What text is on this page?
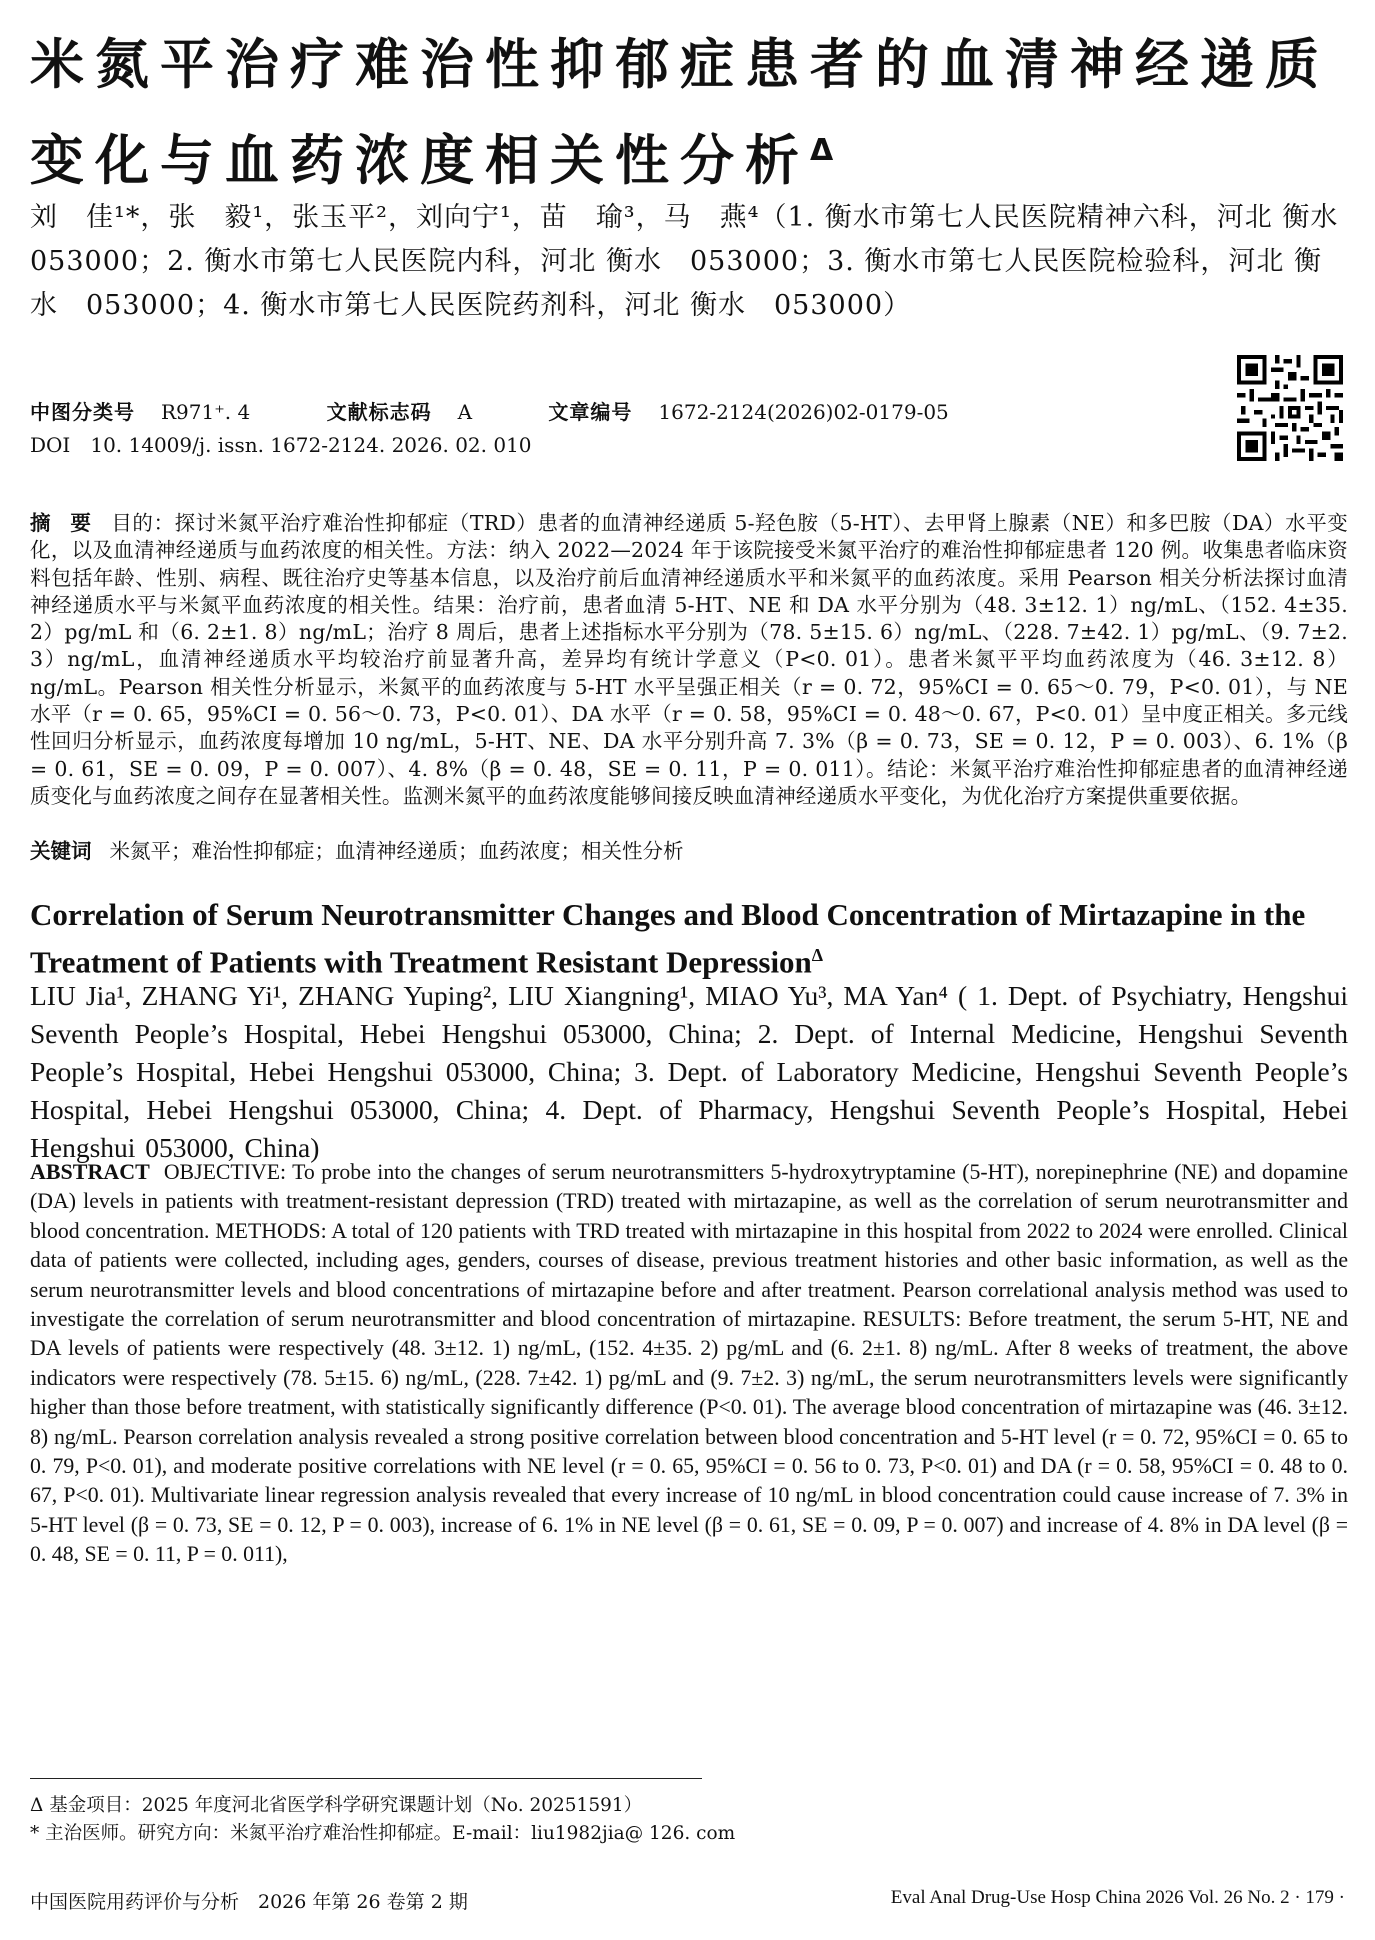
米氮平治疗难治性抑郁症患者的血清神经递质变化与血药浓度相关性分析$^\Delta$

刘　佳¹*，张　毅¹，张玉平²，刘向宁¹，苗　瑜³，马　燕⁴（1. 衡水市第七人民医院精神六科，河北 衡水　053000；2. 衡水市第七人民医院内科，河北 衡水　053000；3. 衡水市第七人民医院检验科，河北 衡水　053000；4. 衡水市第七人民医院药剂科，河北 衡水　053000）

中图分类号 R971⁺. 4	文献标志码 A	文章编号 1672-2124(2026)02-0179-05
DOI 10. 14009/j. issn. 1672-2124. 2026. 02. 010

摘 要 目的：探讨米氮平治疗难治性抑郁症（TRD）患者的血清神经递质 5-羟色胺（5-HT）、去甲肾上腺素（NE）和多巴胺（DA）水平变化，以及血清神经递质与血药浓度的相关性。方法：纳入 2022—2024 年于该院接受米氮平治疗的难治性抑郁症患者 120 例。收集患者临床资料包括年龄、性别、病程、既往治疗史等基本信息，以及治疗前后血清神经递质水平和米氮平的血药浓度。采用 Pearson 相关分析法探讨血清神经递质水平与米氮平血药浓度的相关性。结果：治疗前，患者血清 5-HT、NE 和 DA 水平分别为（48. 3±12. 1）ng/mL、（152. 4±35. 2）pg/mL 和（6. 2±1. 8）ng/mL；治疗 8 周后，患者上述指标水平分别为（78. 5±15. 6）ng/mL、（228. 7±42. 1）pg/mL、（9. 7±2. 3）ng/mL，血清神经递质水平均较治疗前显著升高，差异均有统计学意义（P<0. 01）。患者米氮平平均血药浓度为（46. 3±12. 8）ng/mL。Pearson 相关性分析显示，米氮平的血药浓度与 5-HT 水平呈强正相关（r = 0. 72，95%CI = 0. 65～0. 79，P<0. 01），与 NE 水平（r = 0. 65，95%CI = 0. 56～0. 73，P<0. 01）、DA 水平（r = 0. 58，95%CI = 0. 48～0. 67，P<0. 01）呈中度正相关。多元线性回归分析显示，血药浓度每增加 10 ng/mL，5-HT、NE、DA 水平分别升高 7. 3%（β = 0. 73，SE = 0. 12，P = 0. 003）、6. 1%（β = 0. 61，SE = 0. 09，P = 0. 007）、4. 8%（β = 0. 48，SE = 0. 11，P = 0. 011）。结论：米氮平治疗难治性抑郁症患者的血清神经递质变化与血药浓度之间存在显著相关性。监测米氮平的血药浓度能够间接反映血清神经递质水平变化，为优化治疗方案提供重要依据。

关键词 米氮平；难治性抑郁症；血清神经递质；血药浓度；相关性分析

Correlation of Serum Neurotransmitter Changes and Blood Concentration of Mirtazapine in the Treatment of Patients with Treatment Resistant Depression$^\Delta$

LIU Jia¹, ZHANG Yi¹, ZHANG Yuping², LIU Xiangning¹, MIAO Yu³, MA Yan⁴ ( 1. Dept. of Psychiatry, Hengshui Seventh People’s Hospital, Hebei Hengshui 053000, China; 2. Dept. of Internal Medicine, Hengshui Seventh People’s Hospital, Hebei Hengshui 053000, China; 3. Dept. of Laboratory Medicine, Hengshui Seventh People’s Hospital, Hebei Hengshui 053000, China; 4. Dept. of Pharmacy, Hengshui Seventh People’s Hospital, Hebei Hengshui 053000, China)

ABSTRACT OBJECTIVE: To probe into the changes of serum neurotransmitters 5-hydroxytryptamine (5-HT), norepinephrine (NE) and dopamine (DA) levels in patients with treatment-resistant depression (TRD) treated with mirtazapine, as well as the correlation of serum neurotransmitter and blood concentration. METHODS: A total of 120 patients with TRD treated with mirtazapine in this hospital from 2022 to 2024 were enrolled. Clinical data of patients were collected, including ages, genders, courses of disease, previous treatment histories and other basic information, as well as the serum neurotransmitter levels and blood concentrations of mirtazapine before and after treatment. Pearson correlational analysis method was used to investigate the correlation of serum neurotransmitter and blood concentration of mirtazapine. RESULTS: Before treatment, the serum 5-HT, NE and DA levels of patients were respectively (48. 3±12. 1) ng/mL, (152. 4±35. 2) pg/mL and (6. 2±1. 8) ng/mL. After 8 weeks of treatment, the above indicators were respectively (78. 5±15. 6) ng/mL, (228. 7±42. 1) pg/mL and (9. 7±2. 3) ng/mL, the serum neurotransmitters levels were significantly higher than those before treatment, with statistically significantly difference (P<0. 01). The average blood concentration of mirtazapine was (46. 3±12. 8) ng/mL. Pearson correlation analysis revealed a strong positive correlation between blood concentration and 5-HT level (r = 0. 72, 95%CI = 0. 65 to 0. 79, P<0. 01), and moderate positive correlations with NE level (r = 0. 65, 95%CI = 0. 56 to 0. 73, P<0. 01) and DA (r = 0. 58, 95%CI = 0. 48 to 0. 67, P<0. 01). Multivariate linear regression analysis revealed that every increase of 10 ng/mL in blood concentration could cause increase of 7. 3% in 5-HT level (β = 0. 73, SE = 0. 12, P = 0. 003), increase of 6. 1% in NE level (β = 0. 61, SE = 0. 09, P = 0. 007) and increase of 4. 8% in DA level (β = 0. 48, SE = 0. 11, P = 0. 011),

Δ 基金项目：2025 年度河北省医学科学研究课题计划（No. 20251591）

* 主治医师。研究方向：米氮平治疗难治性抑郁症。E-mail：liu1982jia@ 126. com

中国医院用药评价与分析　2026 年第 26 卷第 2 期	Eval Anal Drug-Use Hosp China 2026 Vol. 26 No. 2 · 179 ·
